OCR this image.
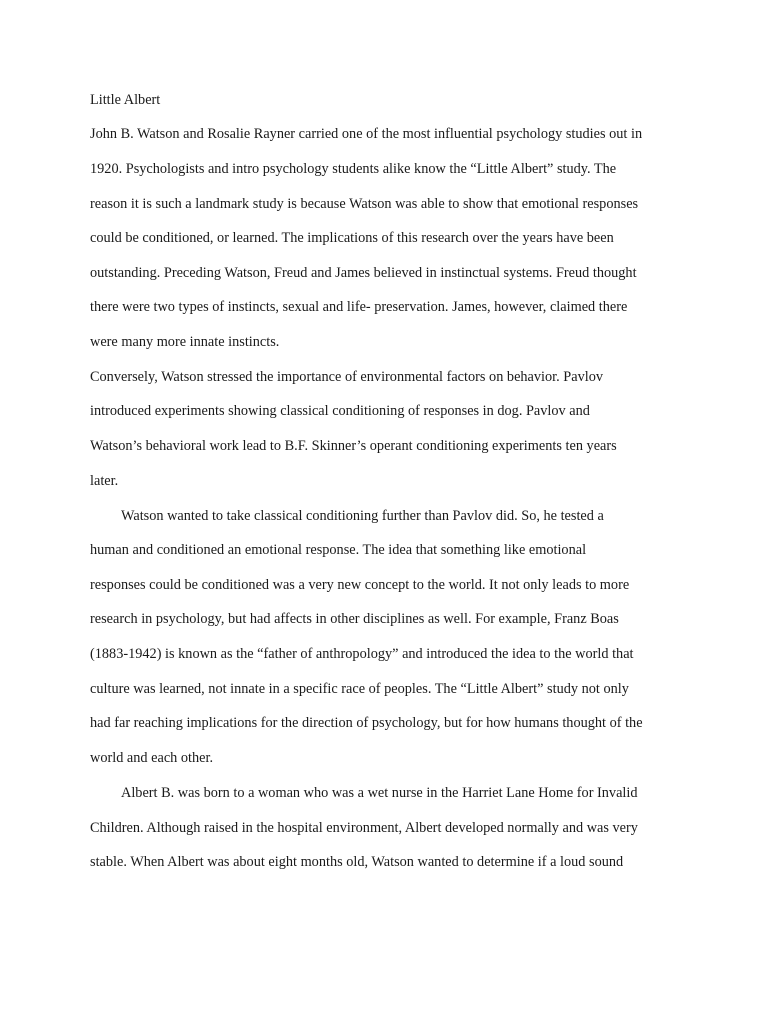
Little Albert

John B. Watson and Rosalie Rayner carried one of the most influential psychology studies out in

1920. Psychologists and intro psychology students alike know the “Little Albert” study. The

reason it is such a landmark study is because Watson was able to show that emotional responses

could be conditioned, or learned. The implications of this research over the years have been

outstanding. Preceding Watson, Freud and James believed in instinctual systems. Freud thought

there were two types of instincts, sexual and life- preservation. James, however, claimed there

were many more innate instincts.

Conversely, Watson stressed the importance of environmental factors on behavior. Pavlov

introduced experiments showing classical conditioning of responses in dog. Pavlov and

Watson’s behavioral work lead to B.F. Skinner’s operant conditioning experiments ten years

later.

Watson wanted to take classical conditioning further than Pavlov did. So, he tested a

human and conditioned an emotional response. The idea that something like emotional

responses could be conditioned was a very new concept to the world. It not only leads to more

research in psychology, but had affects in other disciplines as well. For example, Franz Boas

(1883-1942) is known as the “father of anthropology” and introduced the idea to the world that

culture was learned, not innate in a specific race of peoples. The “Little Albert” study not only

had far reaching implications for the direction of psychology, but for how humans thought of the

world and each other.

Albert B. was born to a woman who was a wet nurse in the Harriet Lane Home for Invalid

Children. Although raised in the hospital environment, Albert developed normally and was very

stable. When Albert was about eight months old, Watson wanted to determine if a loud sound
